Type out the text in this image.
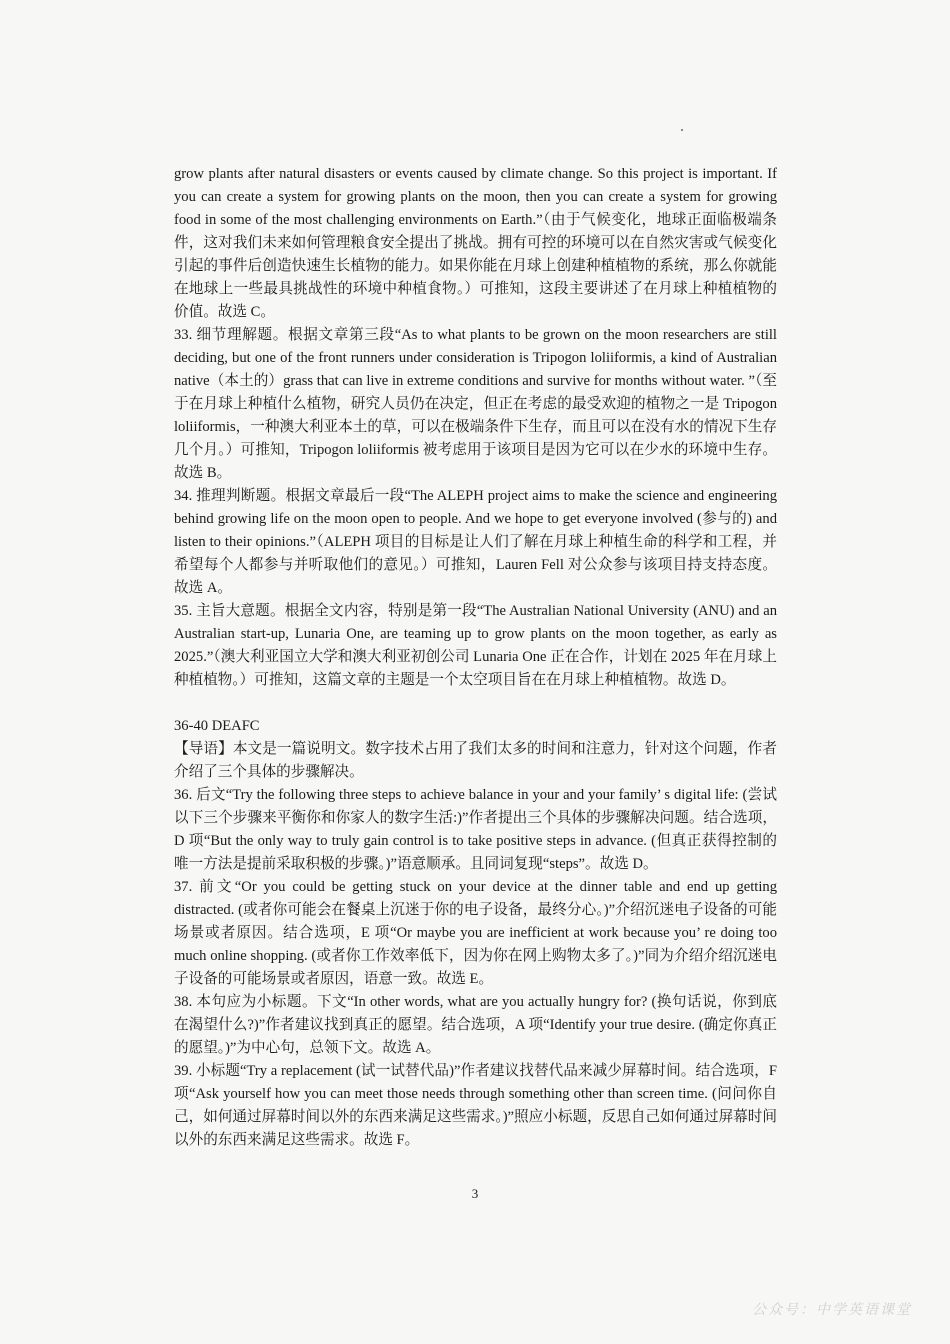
grow plants after natural disasters or events caused by climate change. So this project is important. If you can create a system for growing plants on the moon, then you can create a system for growing food in some of the most challenging environments on Earth.”（由于气候变化，地球正面临极端条件，这对我们未来如何管理粮食安全提出了挑战。拥有可控的环境可以在自然灾害或气候变化引起的事件后创造快速生长植物的能力。如果你能在月球上创建种植植物的系统，那么你就能在地球上一些最具挑战性的环境中种植食物。）可推知，这段主要讲述了在月球上种植植物的价值。故选 C。

33. 细节理解题。根据文章第三段“As to what plants to be grown on the moon researchers are still deciding, but one of the front runners under consideration is Tripogon loliiformis, a kind of Australian native（本土的）grass that can live in extreme conditions and survive for months without water. ”（至于在月球上种植什么植物，研究人员仍在决定，但正在考虑的最受欢迎的植物之一是 Tripogon loliiformis，一种澳大利亚本土的草，可以在极端条件下生存，而且可以在没有水的情况下生存几个月。）可推知，Tripogon loliiformis 被考虑用于该项目是因为它可以在少水的环境中生存。故选 B。

34. 推理判断题。根据文章最后一段“The ALEPH project aims to make the science and engineering behind growing life on the moon open to people. And we hope to get everyone involved (参与的) and listen to their opinions.”（ALEPH 项目的目标是让人们了解在月球上种植生命的科学和工程，并希望每个人都参与并听取他们的意见。）可推知，Lauren Fell 对公众参与该项目持支持态度。故选 A。

35. 主旨大意题。根据全文内容，特别是第一段“The Australian National University (ANU) and an Australian start-up, Lunaria One, are teaming up to grow plants on the moon together, as early as 2025.”（澳大利亚国立大学和澳大利亚初创公司 Lunaria One 正在合作，计划在 2025 年在月球上种植植物。）可推知，这篇文章的主题是一个太空项目旨在在月球上种植植物。故选 D。

36-40 DEAFC

【导语】本文是一篇说明文。数字技术占用了我们太多的时间和注意力，针对这个问题，作者介绍了三个具体的步骤解决。

36. 后文“Try the following three steps to achieve balance in your and your family’ s digital life: (尝试以下三个步骤来平衡你和你家人的数字生活:)”作者提出三个具体的步骤解决问题。结合选项，D 项“But the only way to truly gain control is to take positive steps in advance. (但真正获得控制的唯一方法是提前采取积极的步骤。)”语意顺承。且同词复现“steps”。故选 D。

37. 前文“Or you could be getting stuck on your device at the dinner table and end up getting distracted. (或者你可能会在餐桌上沉迷于你的电子设备，最终分心。)”介绍沉迷电子设备的可能场景或者原因。结合选项，E 项“Or maybe you are inefficient at work because you’ re doing too much online shopping. (或者你工作效率低下，因为你在网上购物太多了。)”同为介绍介绍沉迷电子设备的可能场景或者原因，语意一致。故选 E。

38. 本句应为小标题。下文“In other words, what are you actually hungry for? (换句话说，你到底在渴望什么?)”作者建议找到真正的愿望。结合选项，A 项“Identify your true desire. (确定你真正的愿望。)”为中心句，总领下文。故选 A。

39. 小标题“Try a replacement (试一试替代品)”作者建议找替代品来减少屏幕时间。结合选项，F 项“Ask yourself how you can meet those needs through something other than screen time. (问问你自己，如何通过屏幕时间以外的东西来满足这些需求。)”照应小标题，反思自己如何通过屏幕时间以外的东西来满足这些需求。故选 F。

3
公众号：中学英语课堂
